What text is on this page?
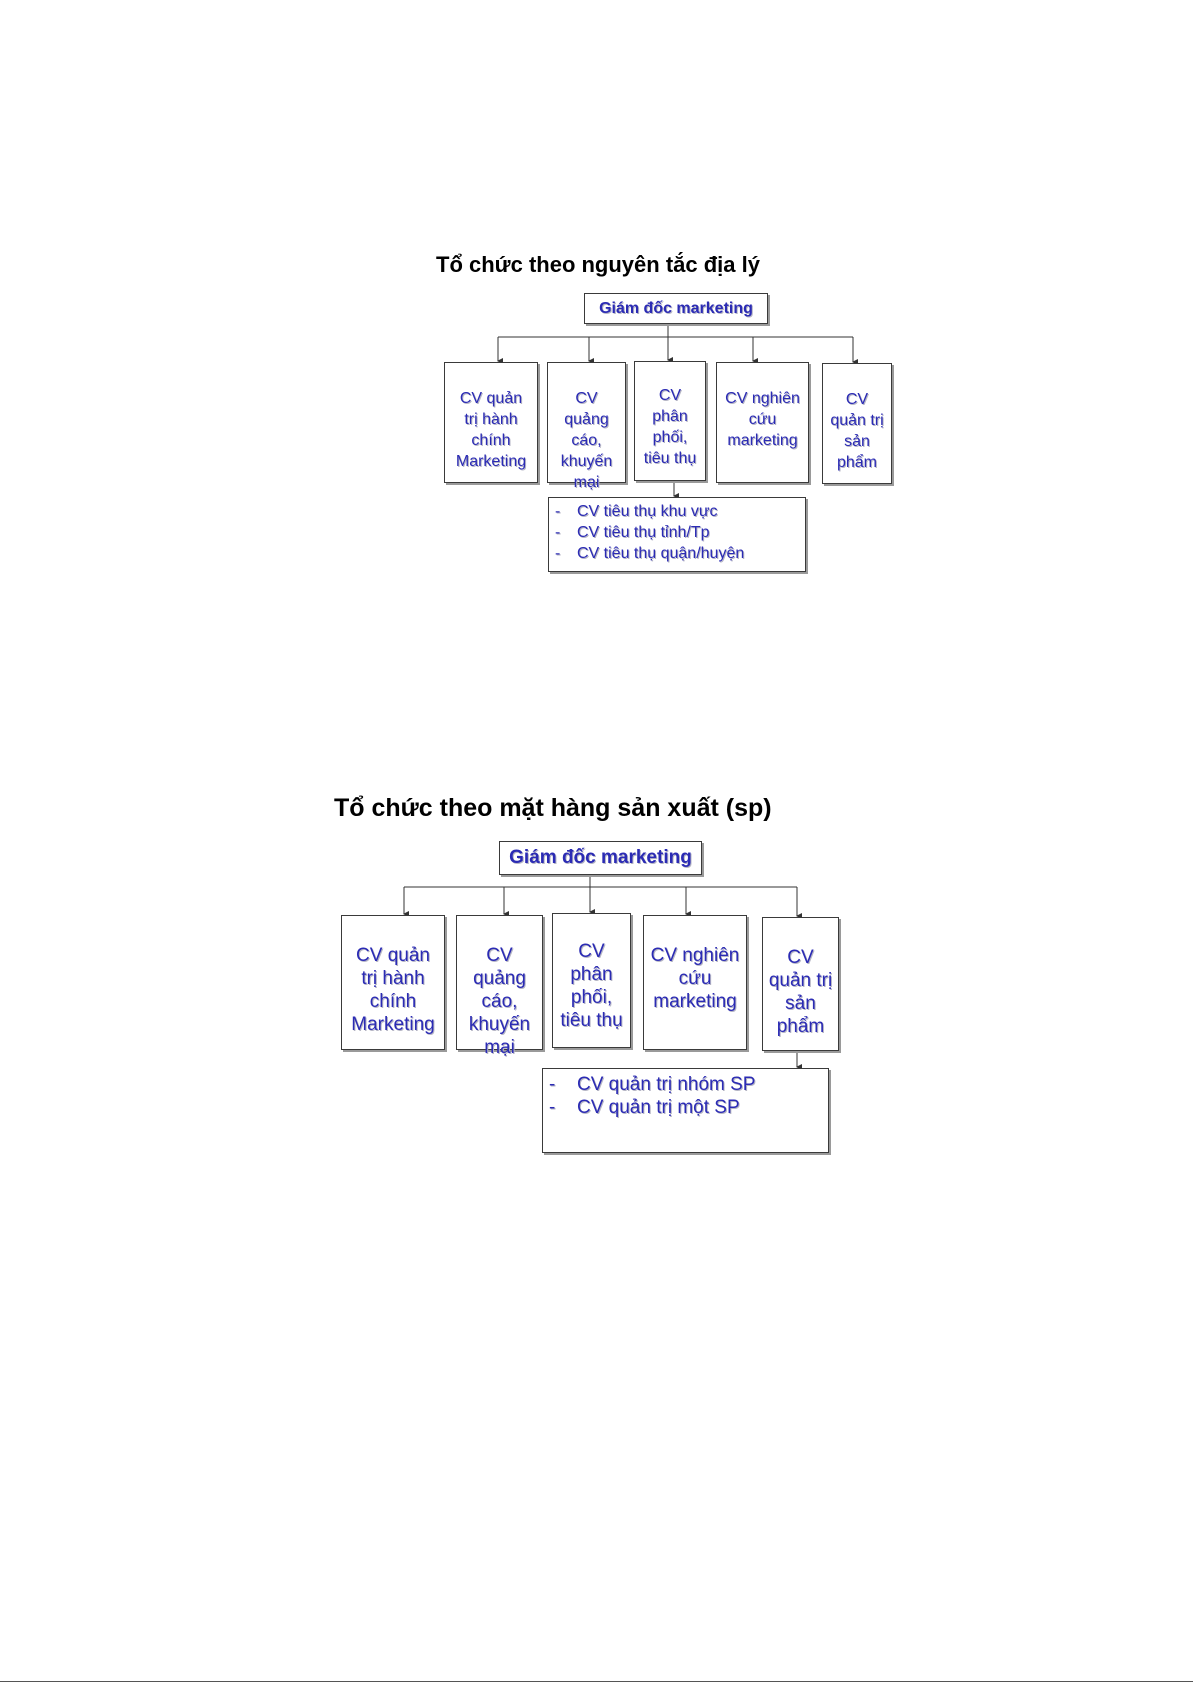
Tổ chức theo nguyên tắc địa lý
Giám đốc marketing

CV quản
trị hành
chính
Marketing

CV
quảng
cáo,
khuyến
mại

CV
phân
phối,
tiêu thụ

CV nghiên
cứu
marketing

CV
quản trị
sản
phẩm

-	CV tiêu thụ khu vực
-	CV tiêu thụ tỉnh/Tp
-	CV tiêu thụ quận/huyện
Tổ chức theo mặt hàng sản xuất (sp)
Giám đốc marketing

CV quản
trị hành
chính
Marketing

CV
quảng
cáo,
khuyến
mại

CV
phân
phối,
tiêu thụ

CV nghiên
cứu
marketing

CV
quản trị
sản
phẩm

-	CV quản trị nhóm SP
-	CV quản trị một SP
